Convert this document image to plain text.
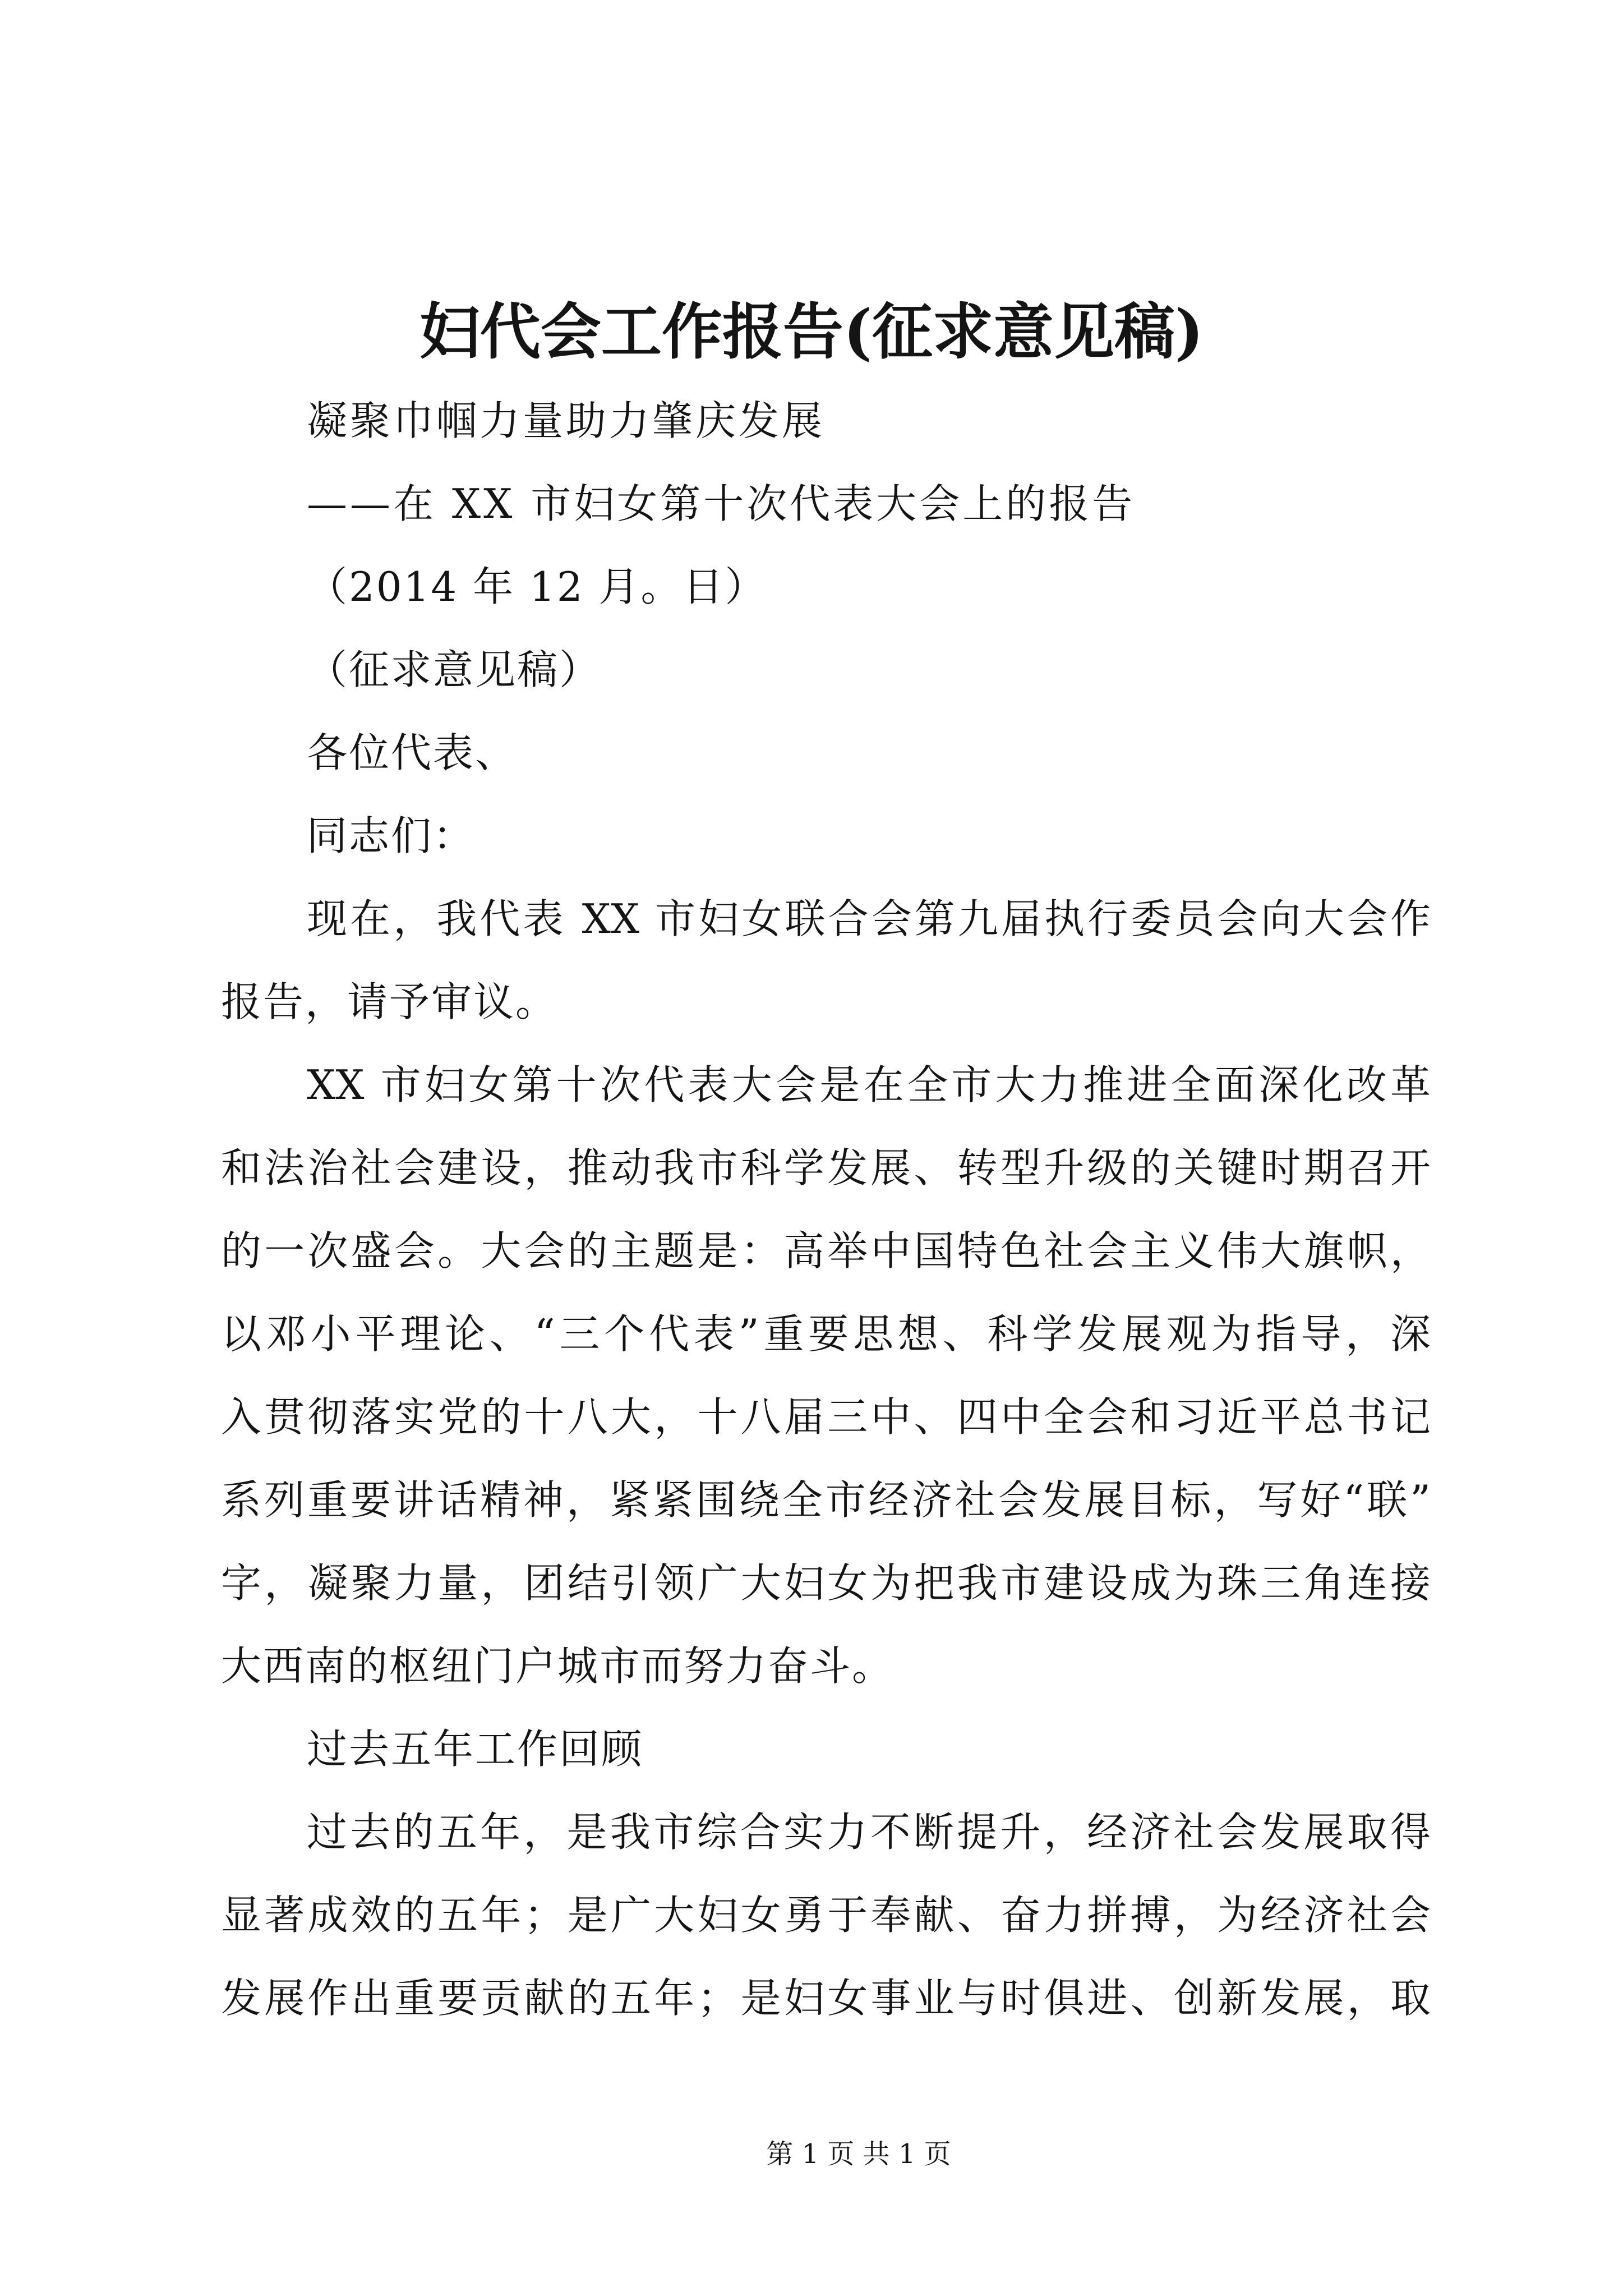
妇代会工作报告(征求意见稿)
凝聚巾帼力量助力肇庆发展
——在 XX 市妇女第十次代表大会上的报告
（2014 年 12 月。日）
（征求意见稿）
各位代表、
同志们：
现在，我代表 XX 市妇女联合会第九届执行委员会向大会作
报告，请予审议。
XX 市妇女第十次代表大会是在全市大力推进全面深化改革
和法治社会建设，推动我市科学发展、转型升级的关键时期召开
的一次盛会。大会的主题是：高举中国特色社会主义伟大旗帜，
以邓小平理论、“三个代表”重要思想、科学发展观为指导，深
入贯彻落实党的十八大，十八届三中、四中全会和习近平总书记
系列重要讲话精神，紧紧围绕全市经济社会发展目标，写好“联”
字，凝聚力量，团结引领广大妇女为把我市建设成为珠三角连接
大西南的枢纽门户城市而努力奋斗。
过去五年工作回顾
过去的五年，是我市综合实力不断提升，经济社会发展取得
显著成效的五年；是广大妇女勇于奉献、奋力拼搏，为经济社会
发展作出重要贡献的五年；是妇女事业与时俱进、创新发展，取
第 1 页 共 1 页
